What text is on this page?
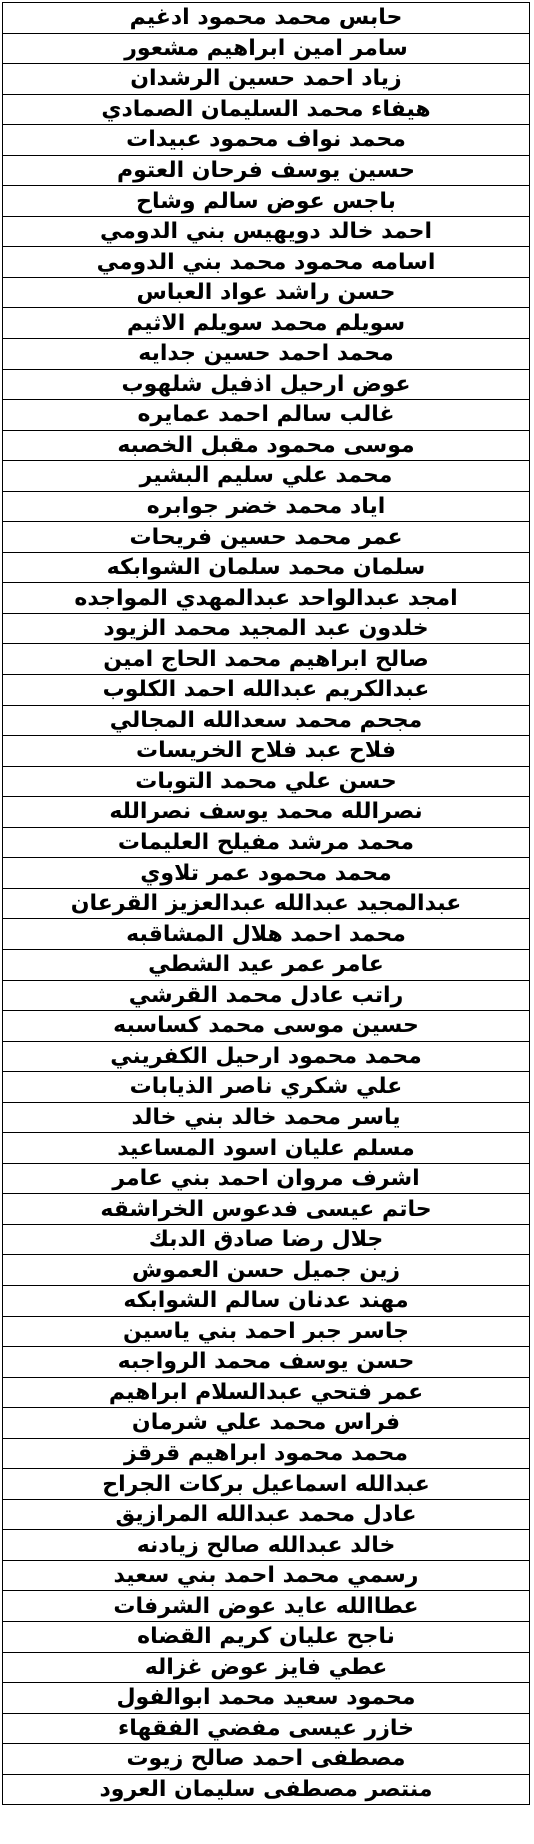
حابس محمد محمود ادغيم
سامر امين ابراهيم مشعور
زياد احمد حسين الرشدان
هيفاء محمد السليمان الصمادي
محمد نواف محمود عبيدات
حسين يوسف فرحان العتوم
باجس عوض سالم وشاح
احمد خالد دويهيس بني الدومي
اسامه محمود محمد بني الدومي
حسن راشد عواد العباس
سويلم محمد سويلم الاثيم
محمد احمد حسين جدايه
عوض ارحيل اذفيل شلهوب
غالب سالم احمد عمايره
موسى محمود مقبل الخصبه
محمد علي سليم البشير
اياد محمد خضر جوابره
عمر محمد حسين فريحات
سلمان محمد سلمان الشوابكه
امجد عبدالواحد عبدالمهدي المواجده
خلدون عبد المجيد محمد الزيود
صالح ابراهيم محمد الحاج امين
عبدالكريم عبدالله احمد الكلوب
مجحم محمد سعدالله المجالي
فلاح عبد فلاح الخريسات
حسن علي محمد التوبات
نصرالله محمد يوسف نصرالله
محمد مرشد مفيلح العليمات
محمد محمود عمر تلاوي
عبدالمجيد عبدالله عبدالعزيز القرعان
محمد احمد هلال المشاقبه
عامر عمر عيد الشطي
راتب عادل محمد القرشي
حسين موسى محمد كساسبه
محمد محمود ارحيل الكفريني
علي شكري ناصر الذيابات
ياسر محمد خالد بني خالد
مسلم عليان اسود المساعيد
اشرف مروان احمد بني عامر
حاتم عيسى فدعوس الخراشقه
جلال رضا صادق الدبك
زين جميل حسن العموش
مهند عدنان سالم الشوابكه
جاسر جبر احمد بني ياسين
حسن يوسف محمد الرواجبه
عمر فتحي عبدالسلام ابراهيم
فراس محمد علي شرمان
محمد محمود ابراهيم قرقز
عبدالله اسماعيل بركات الجراح
عادل محمد عبدالله المرازيق
خالد عبدالله صالح زيادنه
رسمي محمد احمد بني سعيد
عطاالله عايد عوض الشرفات
ناجح عليان كريم القضاه
عطي فايز عوض غزاله
محمود سعيد محمد ابوالفول
خازر عيسى مفضي الفقهاء
مصطفى احمد صالح زيوت
منتصر مصطفى سليمان العرود
